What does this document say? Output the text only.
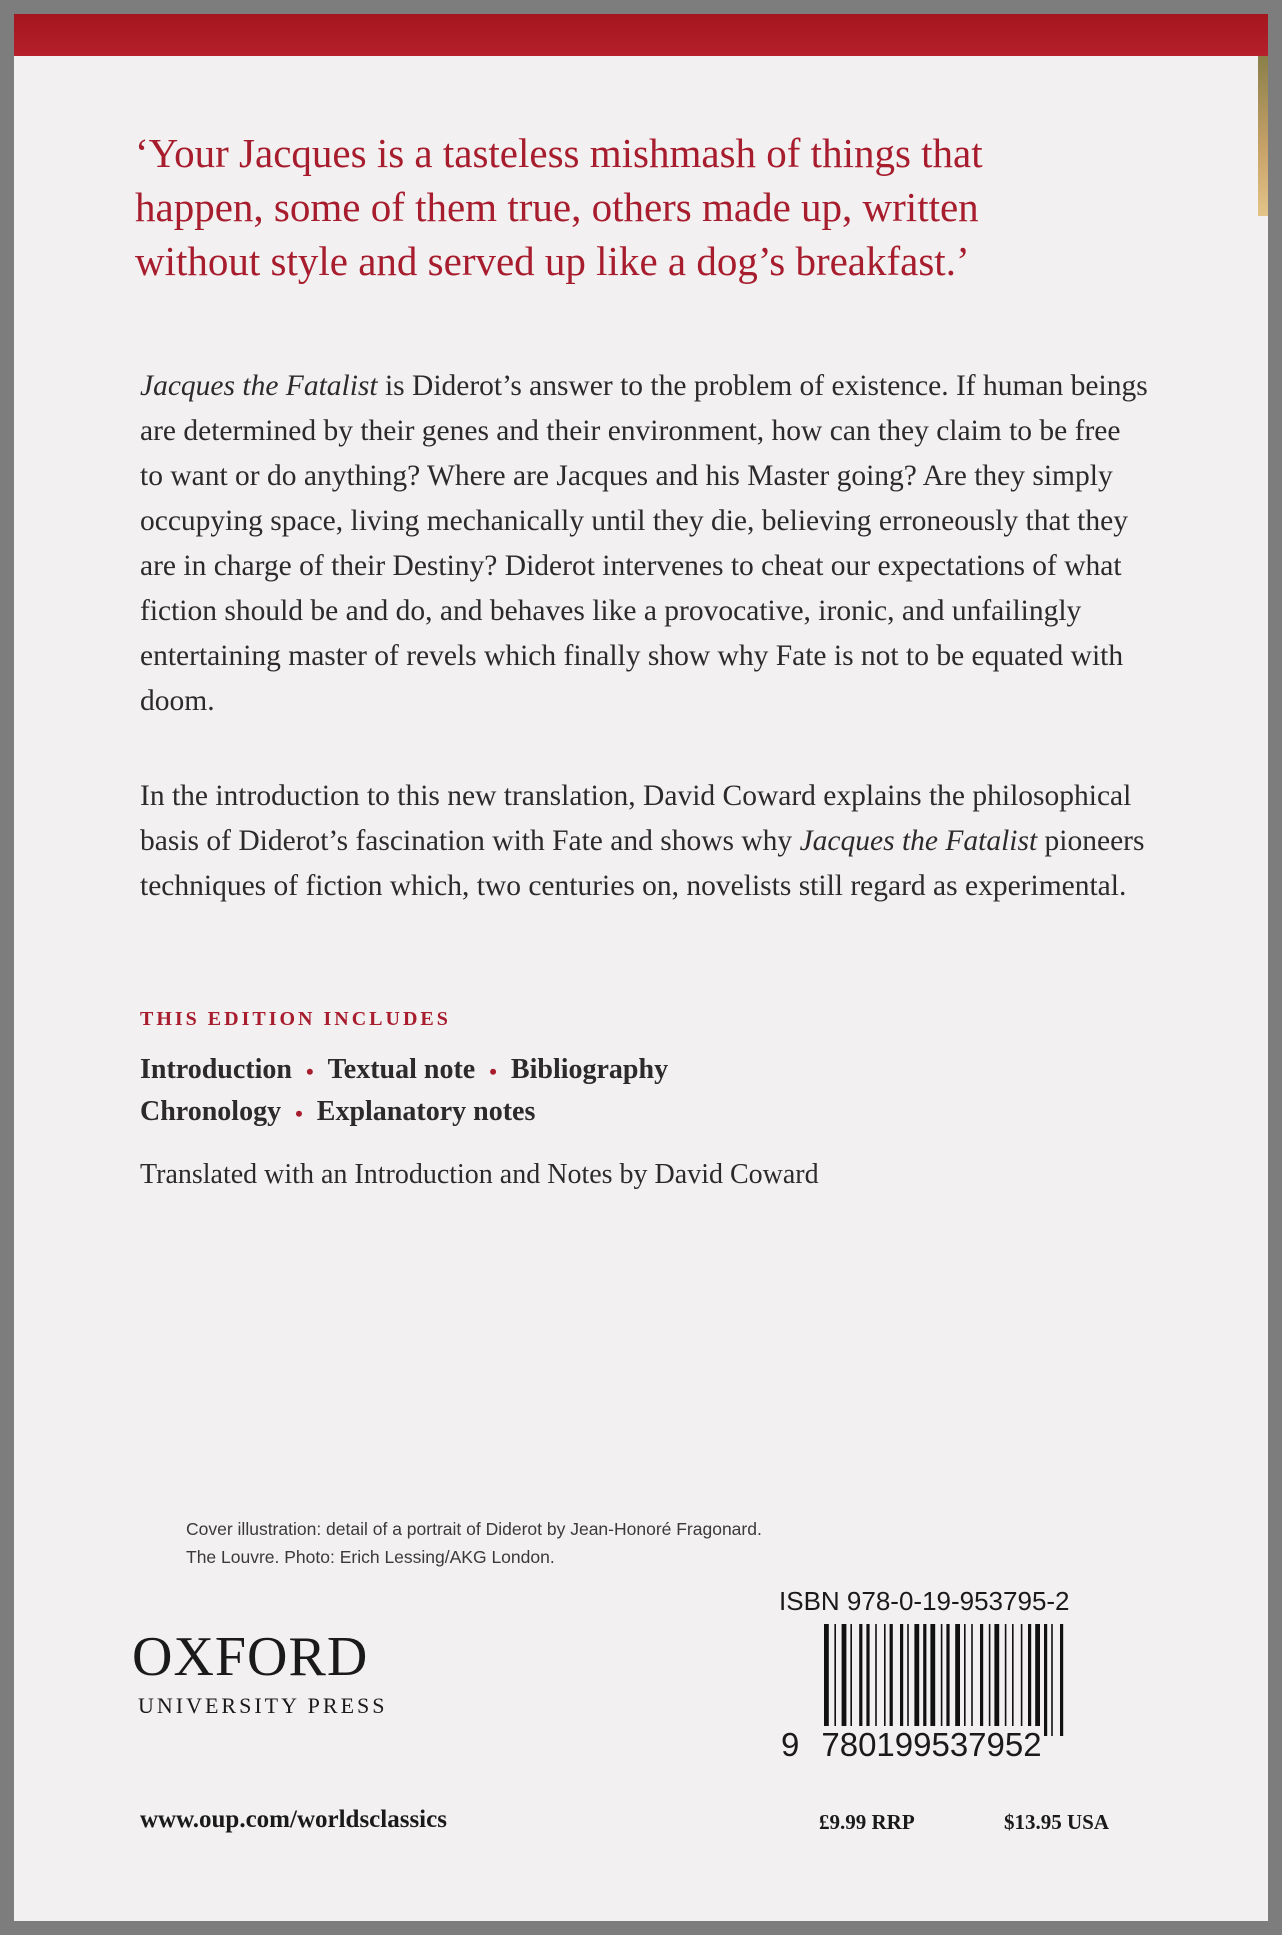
‘Your Jacques is a tasteless mishmash of things that happen, some of them true, others made up, written without style and served up like a dog’s breakfast.’
Jacques the Fatalist is Diderot’s answer to the problem of existence. If human beings are determined by their genes and their environment, how can they claim to be free to want or do anything? Where are Jacques and his Master going? Are they simply occupying space, living mechanically until they die, believing erroneously that they are in charge of their Destiny? Diderot intervenes to cheat our expectations of what fiction should be and do, and behaves like a provocative, ironic, and unfailingly entertaining master of revels which finally show why Fate is not to be equated with doom.
In the introduction to this new translation, David Coward explains the philosophical basis of Diderot’s fascination with Fate and shows why Jacques the Fatalist pioneers techniques of fiction which, two centuries on, novelists still regard as experimental.
THIS EDITION INCLUDES
Introduction • Textual note • Bibliography
Chronology • Explanatory notes
Translated with an Introduction and Notes by David Coward
Cover illustration: detail of a portrait of Diderot by Jean-Honoré Fragonard.
The Louvre. Photo: Erich Lessing/AKG London.
OXFORD
UNIVERSITY PRESS
www.oup.com/worldsclassics
ISBN 978-0-19-953795-2
9 780199537952
£9.99 RRP	$13.95 USA
